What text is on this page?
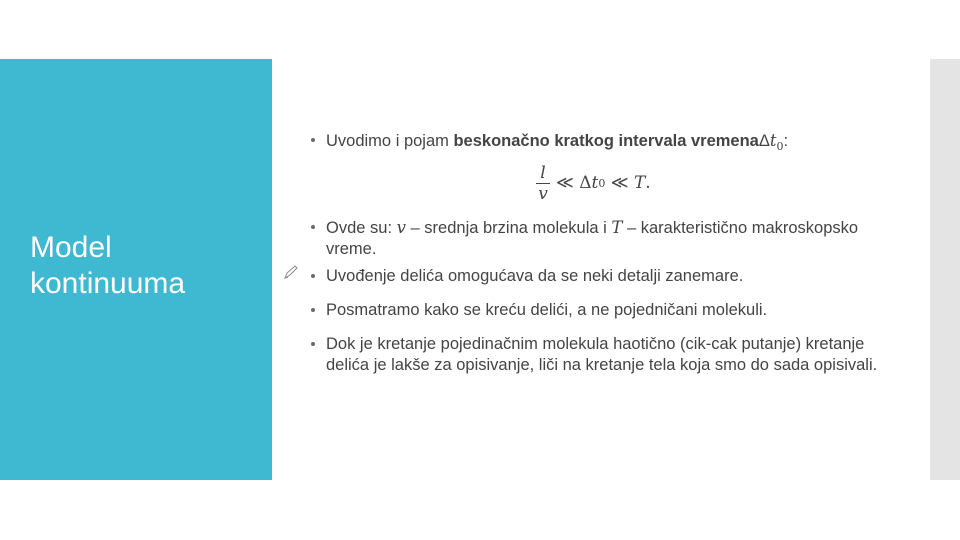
Model kontinuuma
Uvodimo i pojam beskonačno kratkog intervala vremenaΔt$_0$:
$\frac{l}{v}$ ≪
Δ t 0
≪
T .
Ovde su: v – srednja brzina molekula i T – karakteristično makroskopsko vreme.
Uvođenje delića omogućava da se neki detalji zanemare.
Posmatramo kako se kreću delići, a ne pojedničani molekuli.
Dok je kretanje pojedinačnim molekula haotično (cik-cak putanje) kretanje delića je lakše za opisivanje, liči na kretanje tela koja smo do sada opisivali.
